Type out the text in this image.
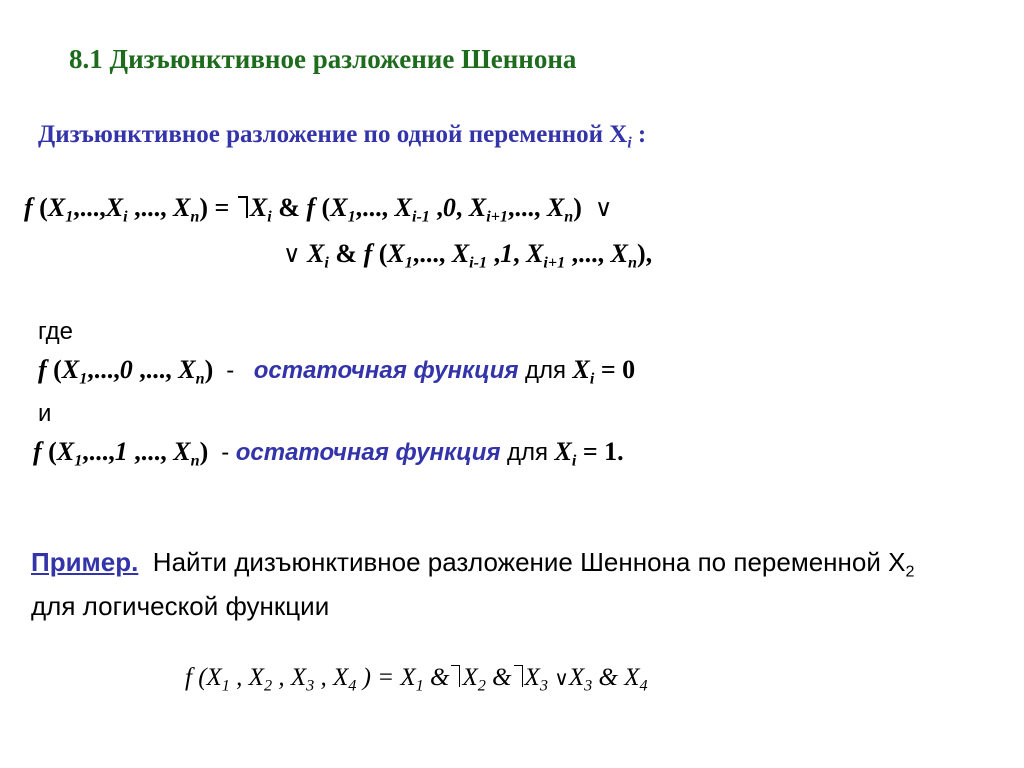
8.1 Дизъюнктивное разложение Шеннона
Дизъюнктивное разложение по одной переменной $X_i$ :
f ($X_1,...,X_i$ ,..., $X_n) = X_i$ & f ($X_1$,..., $X_{i-1}$ ,0, $X_{i+1}$,..., $X_n$)  ∨
∨ $X_i$ & f ($X_1$,..., $X_{i-1}$ ,1, $X_{i+1}$ ,..., $X_n$),
где
f ($X_1,...,0$ ,..., $X_n$)  - остаточная функция для $X_i = 0$
и
f ($X_1,...,1$ ,..., $X_n$)  - остаточная функция для $X_i = 1$.
Пример.  Найти дизъюнктивное разложение Шеннона по переменной $X_2$ для логической функции
f ($X_1$ , $X_2$ , $X_3$ , $X_4$ ) = $X_1$ & $X_2$ & $X_3$ $\vee X_3$ & $X_4$
